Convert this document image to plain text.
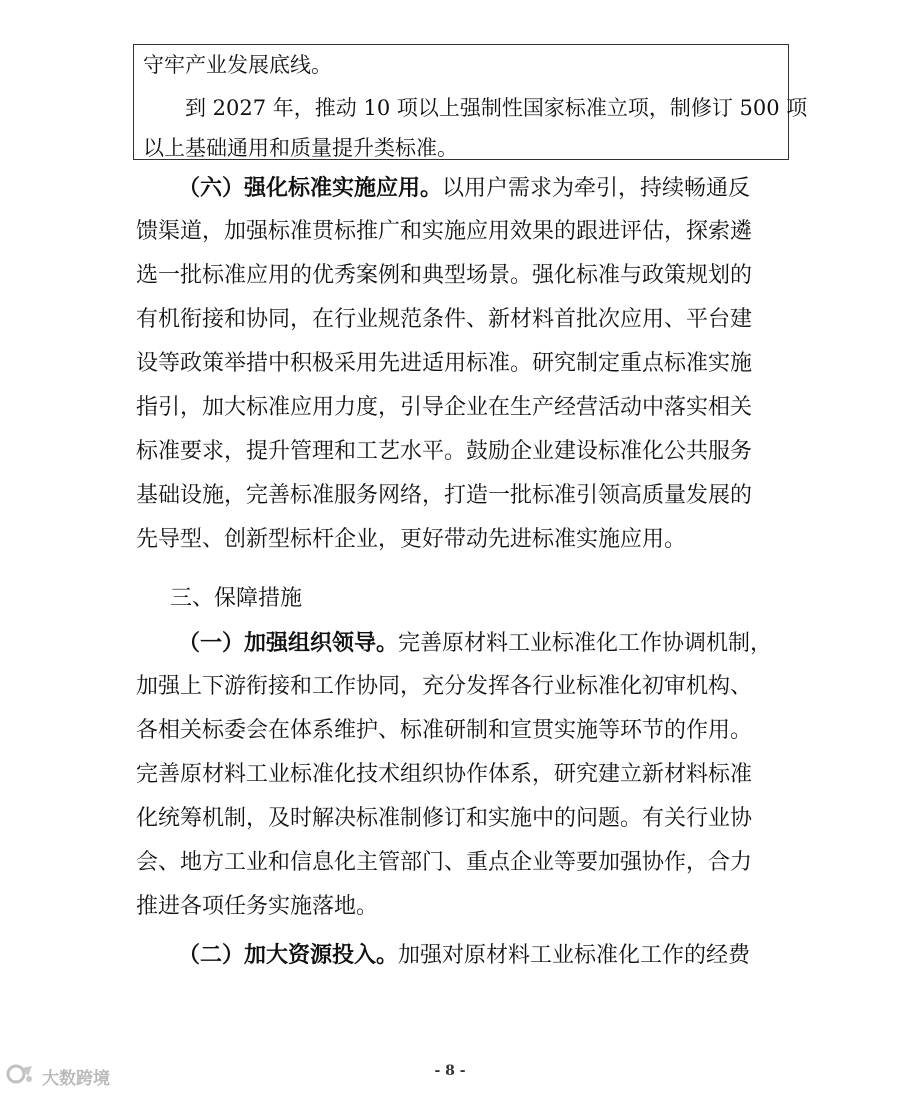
守牢产业发展底线。
到 2027 年，推动 10 项以上强制性国家标准立项，制修订 500 项
以上基础通用和质量提升类标准。
（六）强化标准实施应用。以用户需求为牵引，持续畅通反
馈渠道，加强标准贯标推广和实施应用效果的跟进评估，探索遴
选一批标准应用的优秀案例和典型场景。强化标准与政策规划的
有机衔接和协同，在行业规范条件、新材料首批次应用、平台建
设等政策举措中积极采用先进适用标准。研究制定重点标准实施
指引，加大标准应用力度，引导企业在生产经营活动中落实相关
标准要求，提升管理和工艺水平。鼓励企业建设标准化公共服务
基础设施，完善标准服务网络，打造一批标准引领高质量发展的
先导型、创新型标杆企业，更好带动先进标准实施应用。
三、保障措施
（一）加强组织领导。完善原材料工业标准化工作协调机制，
加强上下游衔接和工作协同，充分发挥各行业标准化初审机构、
各相关标委会在体系维护、标准研制和宣贯实施等环节的作用。
完善原材料工业标准化技术组织协作体系，研究建立新材料标准
化统筹机制，及时解决标准制修订和实施中的问题。有关行业协
会、地方工业和信息化主管部门、重点企业等要加强协作，合力
推进各项任务实施落地。
（二）加大资源投入。加强对原材料工业标准化工作的经费
- 8 -
大数跨境
